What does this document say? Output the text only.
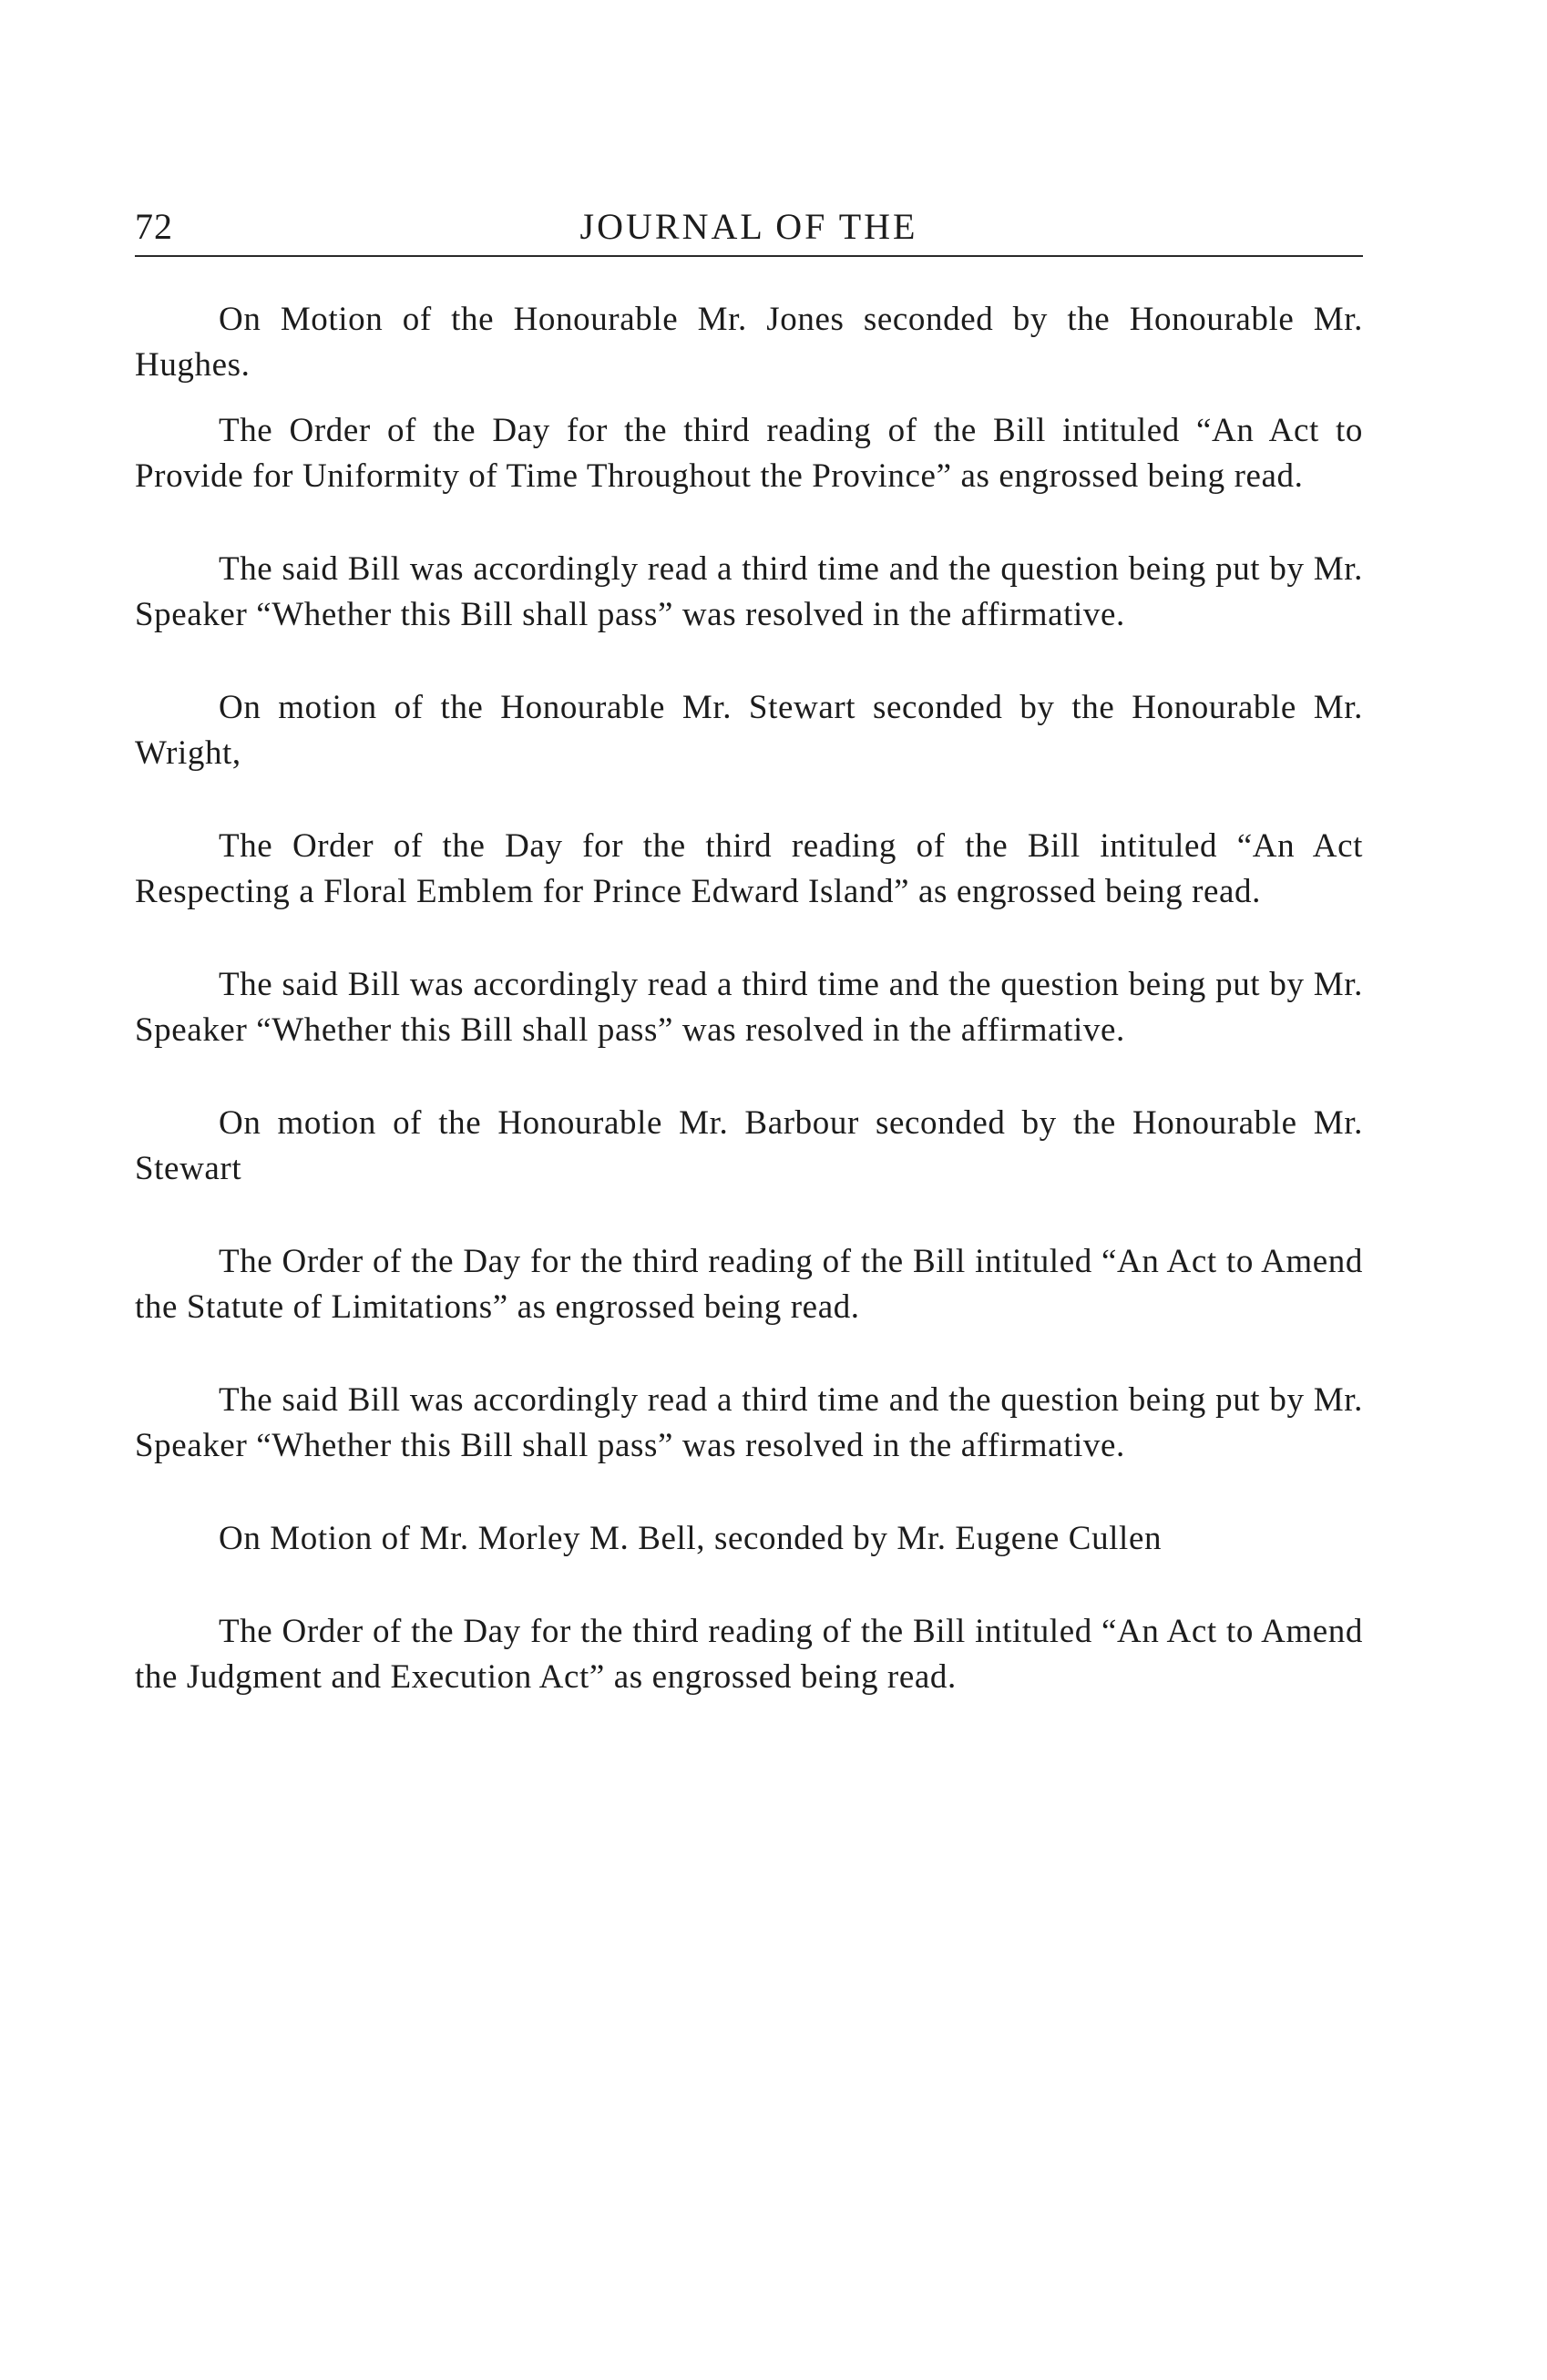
72	JOURNAL OF THE

On Motion of the Honourable Mr. Jones seconded by the Honourable Mr. Hughes.

The Order of the Day for the third reading of the Bill intituled “An Act to Provide for Uniformity of Time Throughout the Province” as engrossed being read.

The said Bill was accordingly read a third time and the question being put by Mr. Speaker “Whether this Bill shall pass” was resolved in the affirmative.

On motion of the Honourable Mr. Stewart seconded by the Honourable Mr. Wright,

The Order of the Day for the third reading of the Bill intituled “An Act Respecting a Floral Emblem for Prince Edward Island” as engrossed being read.

The said Bill was accordingly read a third time and the question being put by Mr. Speaker “Whether this Bill shall pass” was resolved in the affirmative.

On motion of the Honourable Mr. Barbour seconded by the Honourable Mr. Stewart

The Order of the Day for the third reading of the Bill intituled “An Act to Amend the Statute of Limitations” as engrossed being read.

The said Bill was accordingly read a third time and the question being put by Mr. Speaker “Whether this Bill shall pass” was resolved in the affirmative.

On Motion of Mr. Morley M. Bell, seconded by Mr. Eugene Cullen

The Order of the Day for the third reading of the Bill intituled “An Act to Amend the Judgment and Execution Act” as engrossed being read.
